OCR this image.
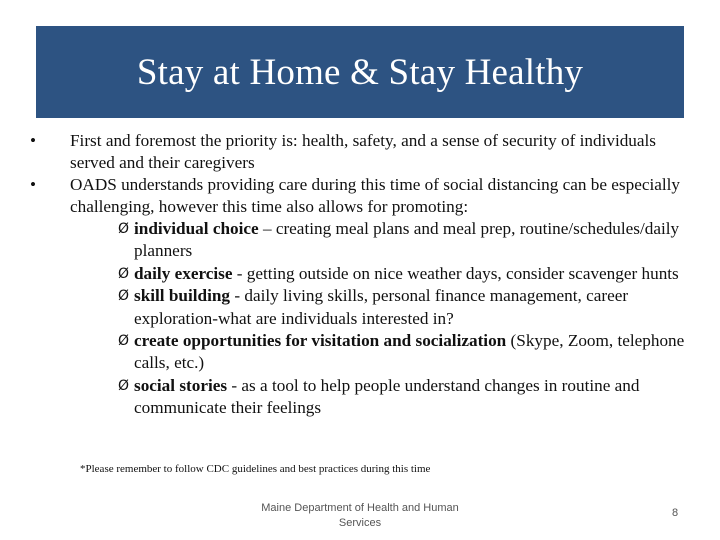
Stay at Home & Stay Healthy
•	First and foremost the priority is: health, safety, and a sense of security of individuals served and their caregivers
•	OADS understands providing care during this time of social distancing can be especially challenging, however this time also allows for promoting:
Ø individual choice – creating meal plans and meal prep, routine/schedules/daily planners
Ø daily exercise - getting outside on nice weather days, consider scavenger hunts
Ø skill building - daily living skills, personal finance management, career exploration-what are individuals interested in?
Ø create opportunities for visitation and socialization (Skype, Zoom, telephone calls, etc.)
Ø social stories - as a tool to help people understand changes in routine and communicate their feelings
*Please remember to follow CDC guidelines and best practices during this time
Maine Department of Health and Human Services
8
